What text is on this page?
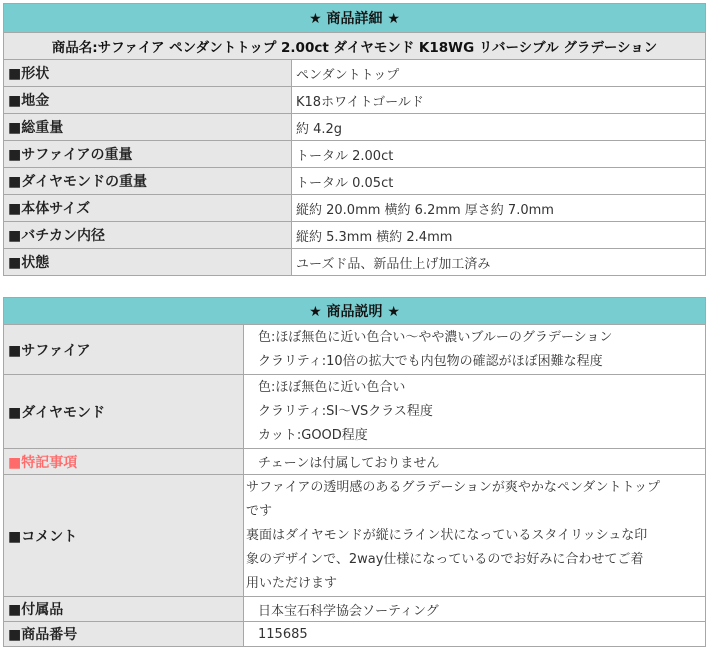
★ 商品詳細 ★	
商品名:サファイア ペンダントトップ 2.00ct ダイヤモンド K18WG リバーシブル グラデーション	
■形状	ペンダントトップ
■地金	K18ホワイトゴールド
■総重量	約 4.2g
■サファイアの重量	トータル 2.00ct
■ダイヤモンドの重量	トータル 0.05ct
■本体サイズ	縦約 20.0mm 横約 6.2mm 厚さ約 7.0mm
■バチカン内径	縦約 5.3mm 横約 2.4mm
■状態	ユーズド品、新品仕上げ加工済み
★ 商品説明 ★	
■サファイア	色:ほぼ無色に近い色合い～やや濃いブルーのグラデーション
クラリティ:10倍の拡大でも内包物の確認がほぼ困難な程度

■ダイヤモンド	色:ほぼ無色に近い色合い
クラリティ:SI～VSクラス程度
カット:GOOD程度

■特記事項	チェーンは付属しておりません
■コメント	サファイアの透明感のあるグラデーションが爽やかなペンダントトップ
です
裏面はダイヤモンドが縦にライン状になっているスタイリッシュな印
象のデザインで、2way仕様になっているのでお好みに合わせてご着
用いただけます

■付属品	日本宝石科学協会ソーティング
■商品番号	115685
